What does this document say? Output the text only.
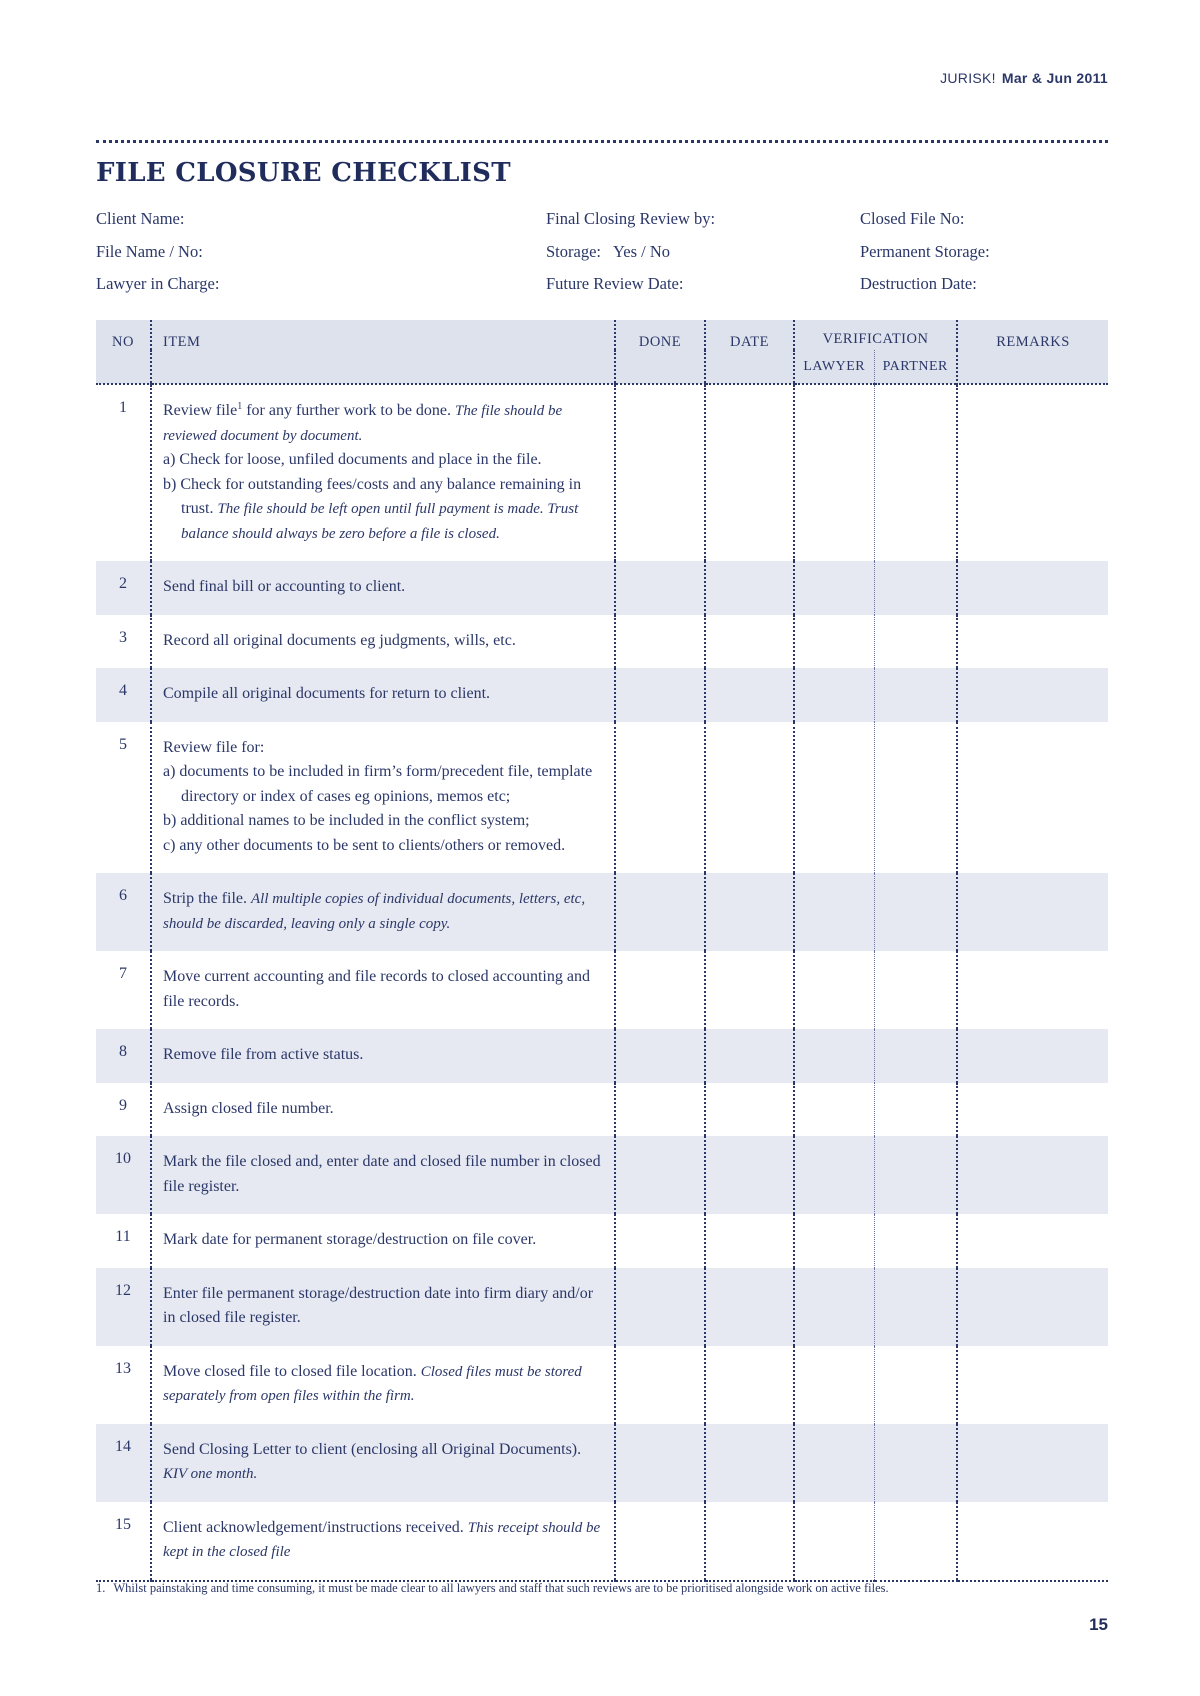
JURISK! Mar & Jun 2011
FILE CLOSURE CHECKLIST
Client Name:
File Name / No:
Lawyer in Charge:
Final Closing Review by:
Storage: Yes / No
Future Review Date:
Closed File No:
Permanent Storage:
Destruction Date:
NO	ITEM	DONE	DATE	VERIFICATION		REMARKS
				LAWYER	PARTNER	
1	Review file$^1$ for any further work to be done. The file should be reviewed document by document.

a) Check for loose, unfiled documents and place in the file.

b) Check for outstanding fees/costs and any balance remaining in trust. The file should be left open until full payment is made. Trust balance should always be zero before a file is closed.					

2	Send final bill or accounting to client.					

3	Record all original documents eg judgments, wills, etc.					

4	Compile all original documents for return to client.					

5	Review file for:

a) documents to be included in firm’s form/precedent file, template directory or index of cases eg opinions, memos etc;

b) additional names to be included in the conflict system;

c) any other documents to be sent to clients/others or removed.					

6	Strip the file. All multiple copies of individual documents, letters, etc, should be discarded, leaving only a single copy.					

7	Move current accounting and file records to closed accounting and file records.					

8	Remove file from active status.					

9	Assign closed file number.					

10	Mark the file closed and, enter date and closed file number in closed file register.					

11	Mark date for permanent storage/destruction on file cover.					

12	Enter file permanent storage/destruction date into firm diary and/or in closed file register.					

13	Move closed file to closed file location. Closed files must be stored separately from open files within the firm.					

14	Send Closing Letter to client (enclosing all Original Documents). KIV one month.					

15	Client acknowledgement/instructions received. This receipt should be kept in the closed file					

1. Whilst painstaking and time consuming, it must be made clear to all lawyers and staff that such reviews are to be prioritised alongside work on active files.
15
